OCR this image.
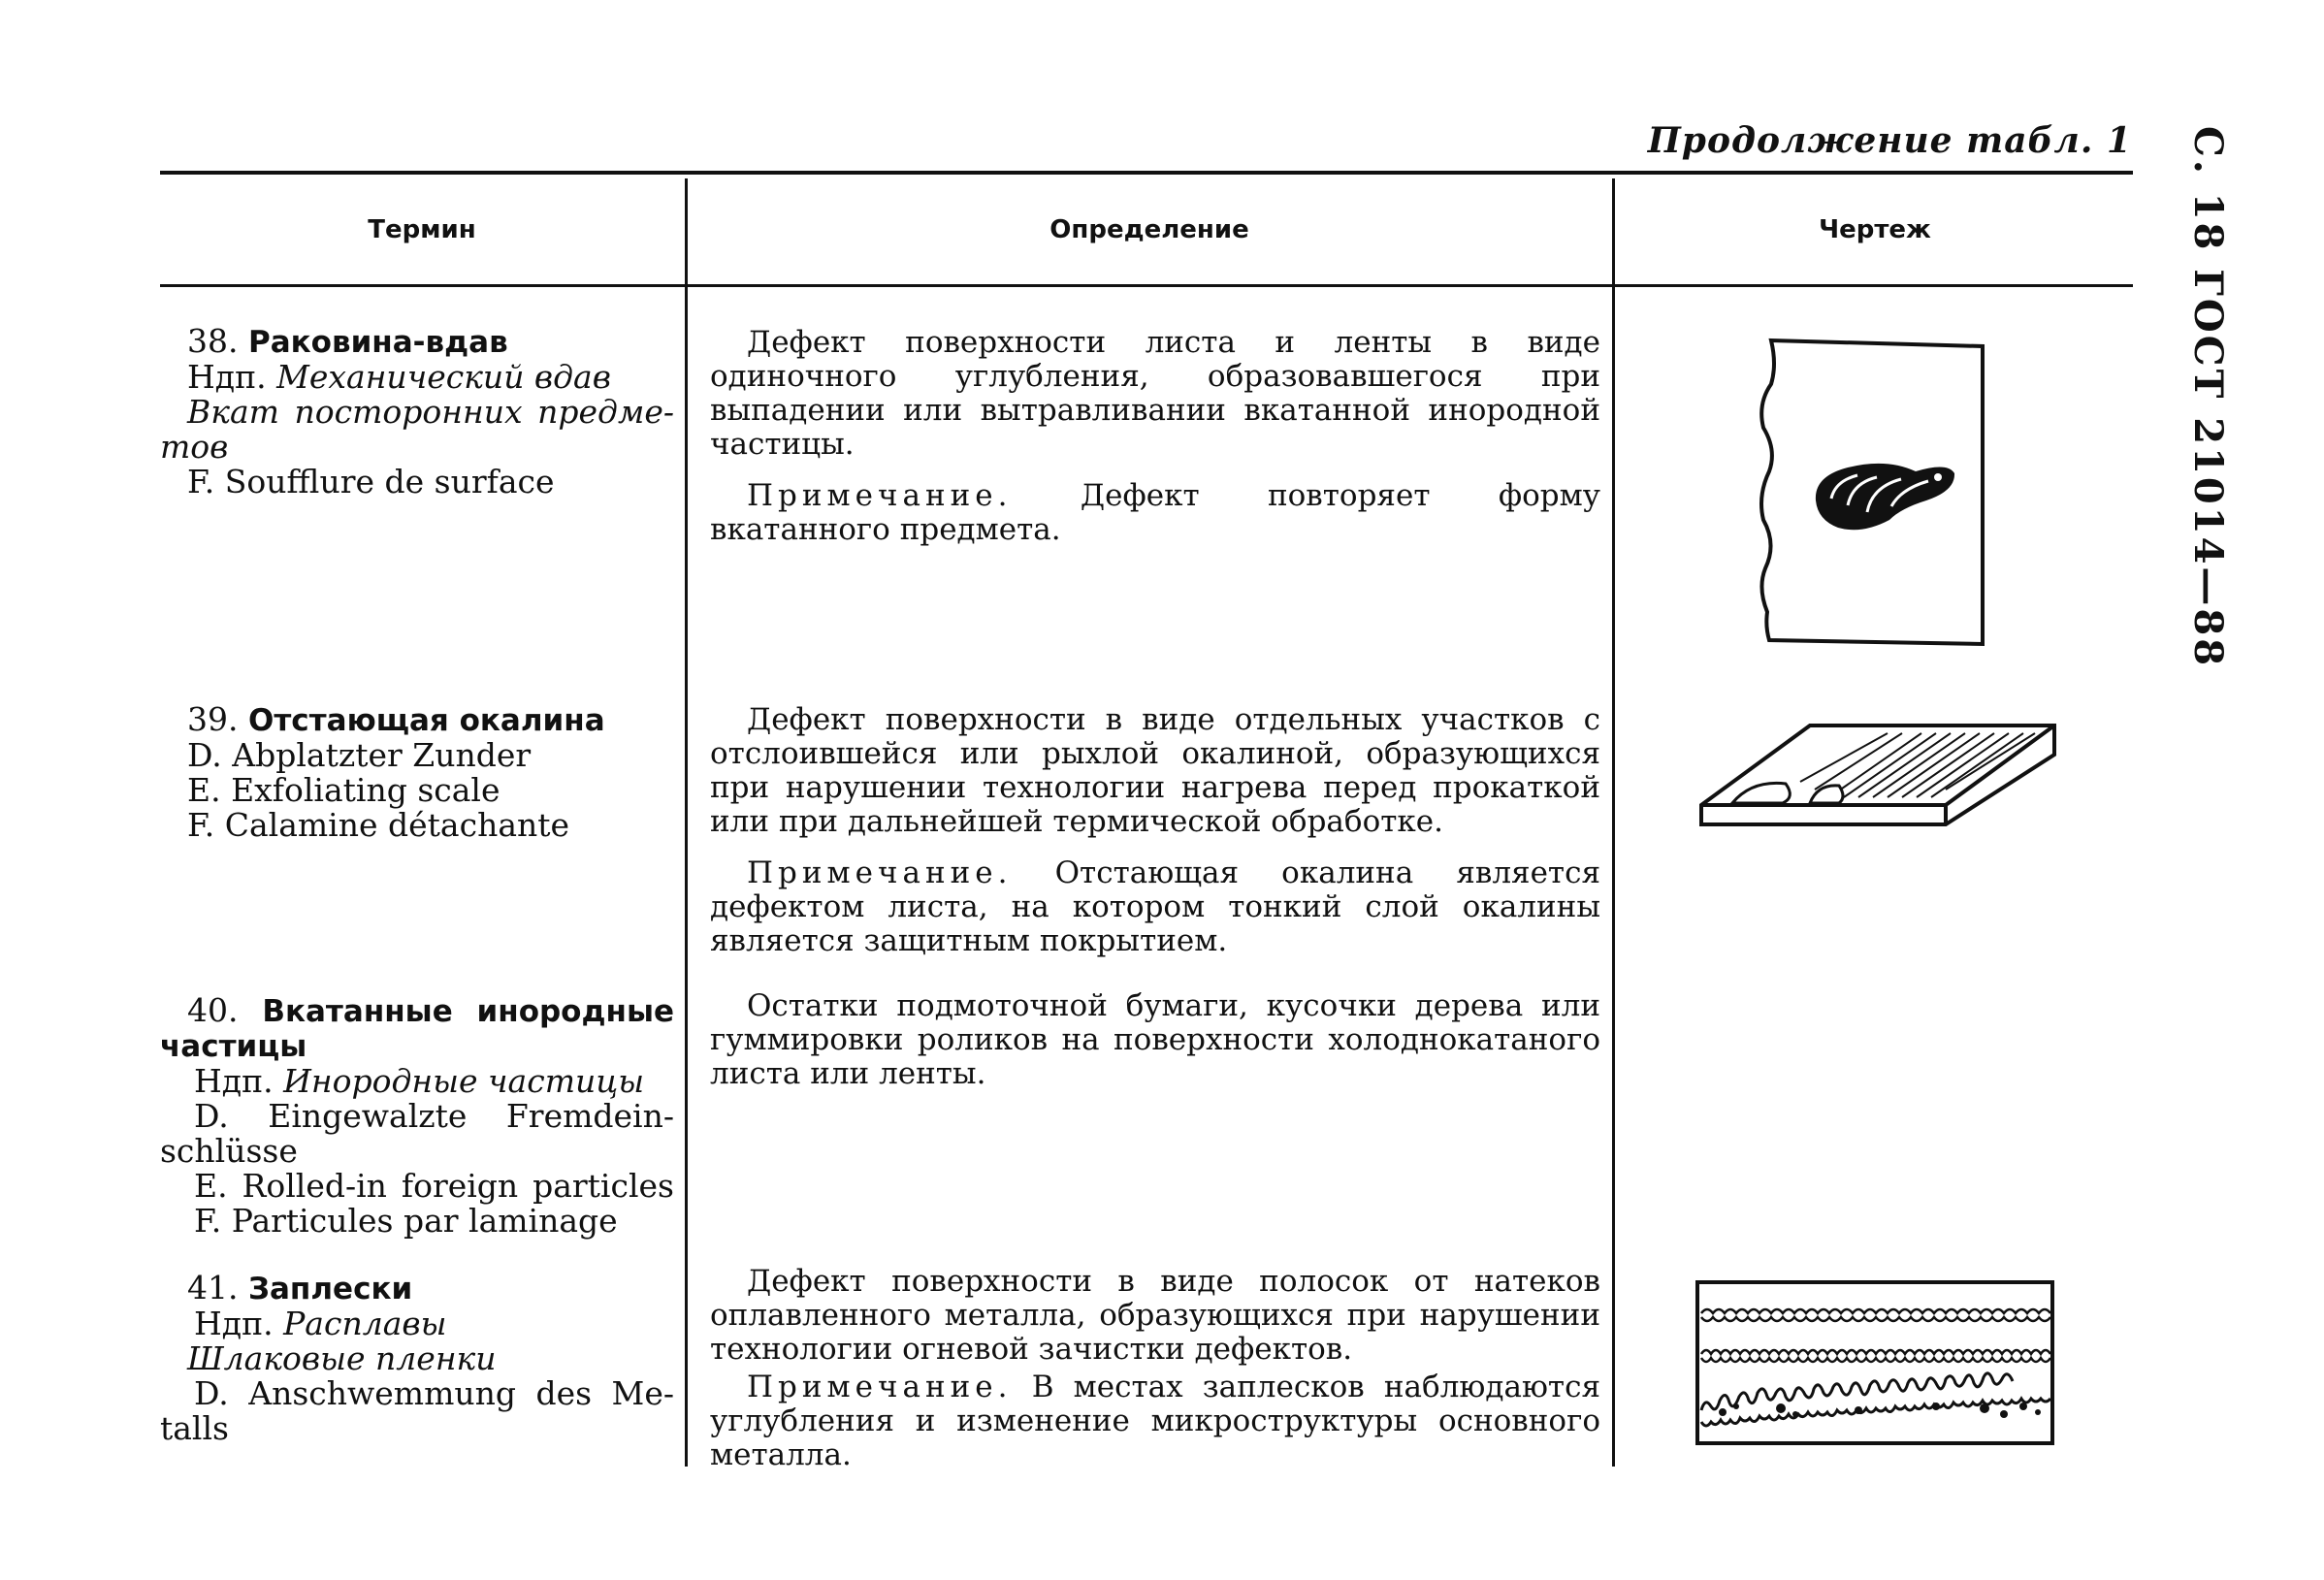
Продолжение табл. 1 С. 18 ГОСТ 21014—88
Термин	Определение	Чертеж
38. Раковина-вдав
Ндп. Механический вдав
Вкат посторонних предме-
тов
F. Soufflure de surface

Дефект поверхности листа и ленты в виде одиночного углубления, образовавшегося при выпадении или вытравливании вкатанной инородной частицы.

Примечание. Дефект повторяет форму вкатанного предмета.

39. Отстающая окалина
D. Abplatzter Zunder
E. Exfoliating scale
F. Calamine détachante

Дефект поверхности в виде отдельных участков с отслоившейся или рыхлой окалиной, образующихся при нарушении технологии нагрева перед прокаткой или при дальнейшей термической обработке.

Примечание. Отстающая окалина является дефектом листа, на котором тонкий слой окалины является защитным покрытием.

40. Вкатанные инородные
частицы
Ндп. Инородные частицы
D. Eingewalzte Fremdein-
schlüsse
E. Rolled-in foreign particles
F. Particules par laminage

Остатки подмоточной бумаги, кусочки дерева или гуммировки роликов на поверхности холоднокатаного листа или ленты.

41. Заплески
Ндп. Расплавы
Шлаковые пленки
D. Anschwemmung des Me-
talls

Дефект поверхности в виде полосок от натеков оплавленного металла, образующихся при нарушении технологии огневой зачистки дефектов.

Примечание. В местах заплесков наблюдаются углубления и изменение микроструктуры основного металла.
